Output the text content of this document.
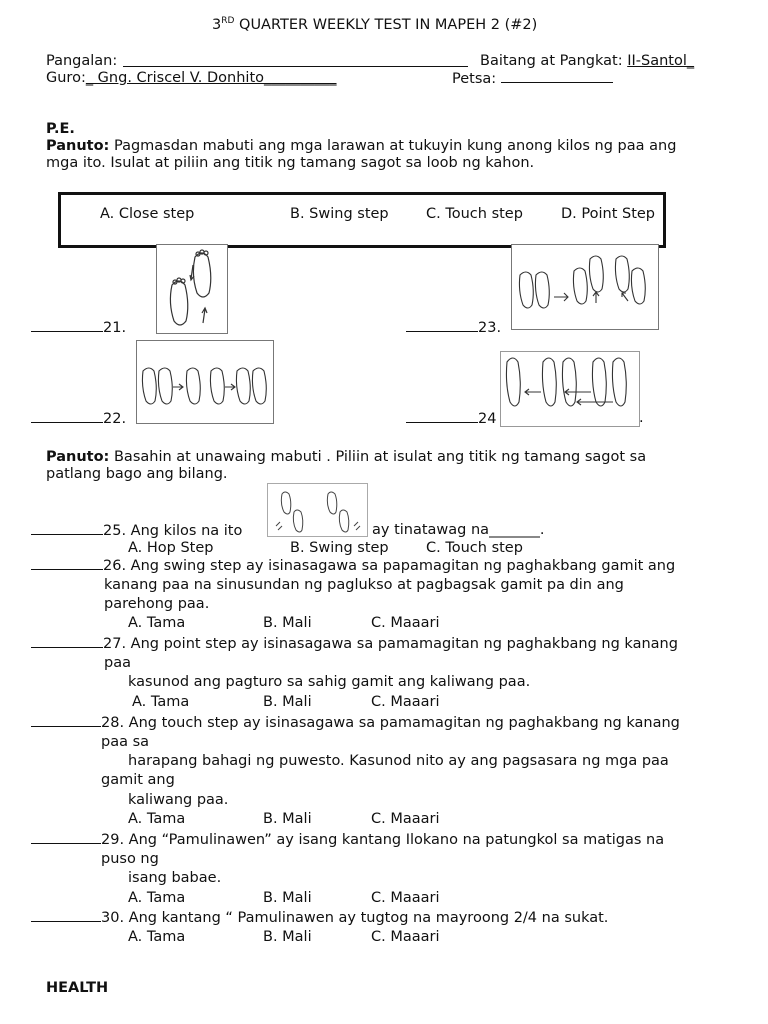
3RD QUARTER WEEKLY TEST IN MAPEH 2 (#2)
Pangalan:	Baitang at Pangkat: II-Santol_
Guro:_ Gng. Criscel V. Donhito__________	Petsa:
P.E.
Panuto: Pagmasdan mabuti ang mga larawan at tukuyin kung anong kilos ng paa ang
mga ito. Isulat at piliin ang titik ng tamang sagot sa loob ng kahon.
A. Close step	B. Swing step	C. Touch step	D. Point Step
21.	23.
22.	24	.
Panuto: Basahin at unawaing mabuti . Piliin at isulat ang titik ng tamang sagot sa
patlang bago ang bilang.
25. Ang kilos na ito	ay tinatawag na_______.
A. Hop Step	B. Swing step	C. Touch step
26. Ang swing step ay isinasagawa sa papamagitan ng paghakbang gamit ang
kanang paa na sinusundan ng paglukso at pagbagsak gamit pa din ang
parehong paa.
A. Tama	B. Mali	C. Maaari
27. Ang point step ay isinasagawa sa pamamagitan ng paghakbang ng kanang
paa
kasunod ang pagturo sa sahig gamit ang kaliwang paa.
A. Tama	B. Mali	C. Maaari
28. Ang touch step ay isinasagawa sa pamamagitan ng paghakbang ng kanang
paa sa
harapang bahagi ng puwesto. Kasunod nito ay ang pagsasara ng mga paa
gamit ang
kaliwang paa.
A. Tama	B. Mali	C. Maaari
29. Ang “Pamulinawen” ay isang kantang Ilokano na patungkol sa matigas na
puso ng
isang babae.
A. Tama	B. Mali	C. Maaari
30. Ang kantang “ Pamulinawen ay tugtog na mayroong 2/4 na sukat.
A. Tama	B. Mali	C. Maaari
HEALTH
